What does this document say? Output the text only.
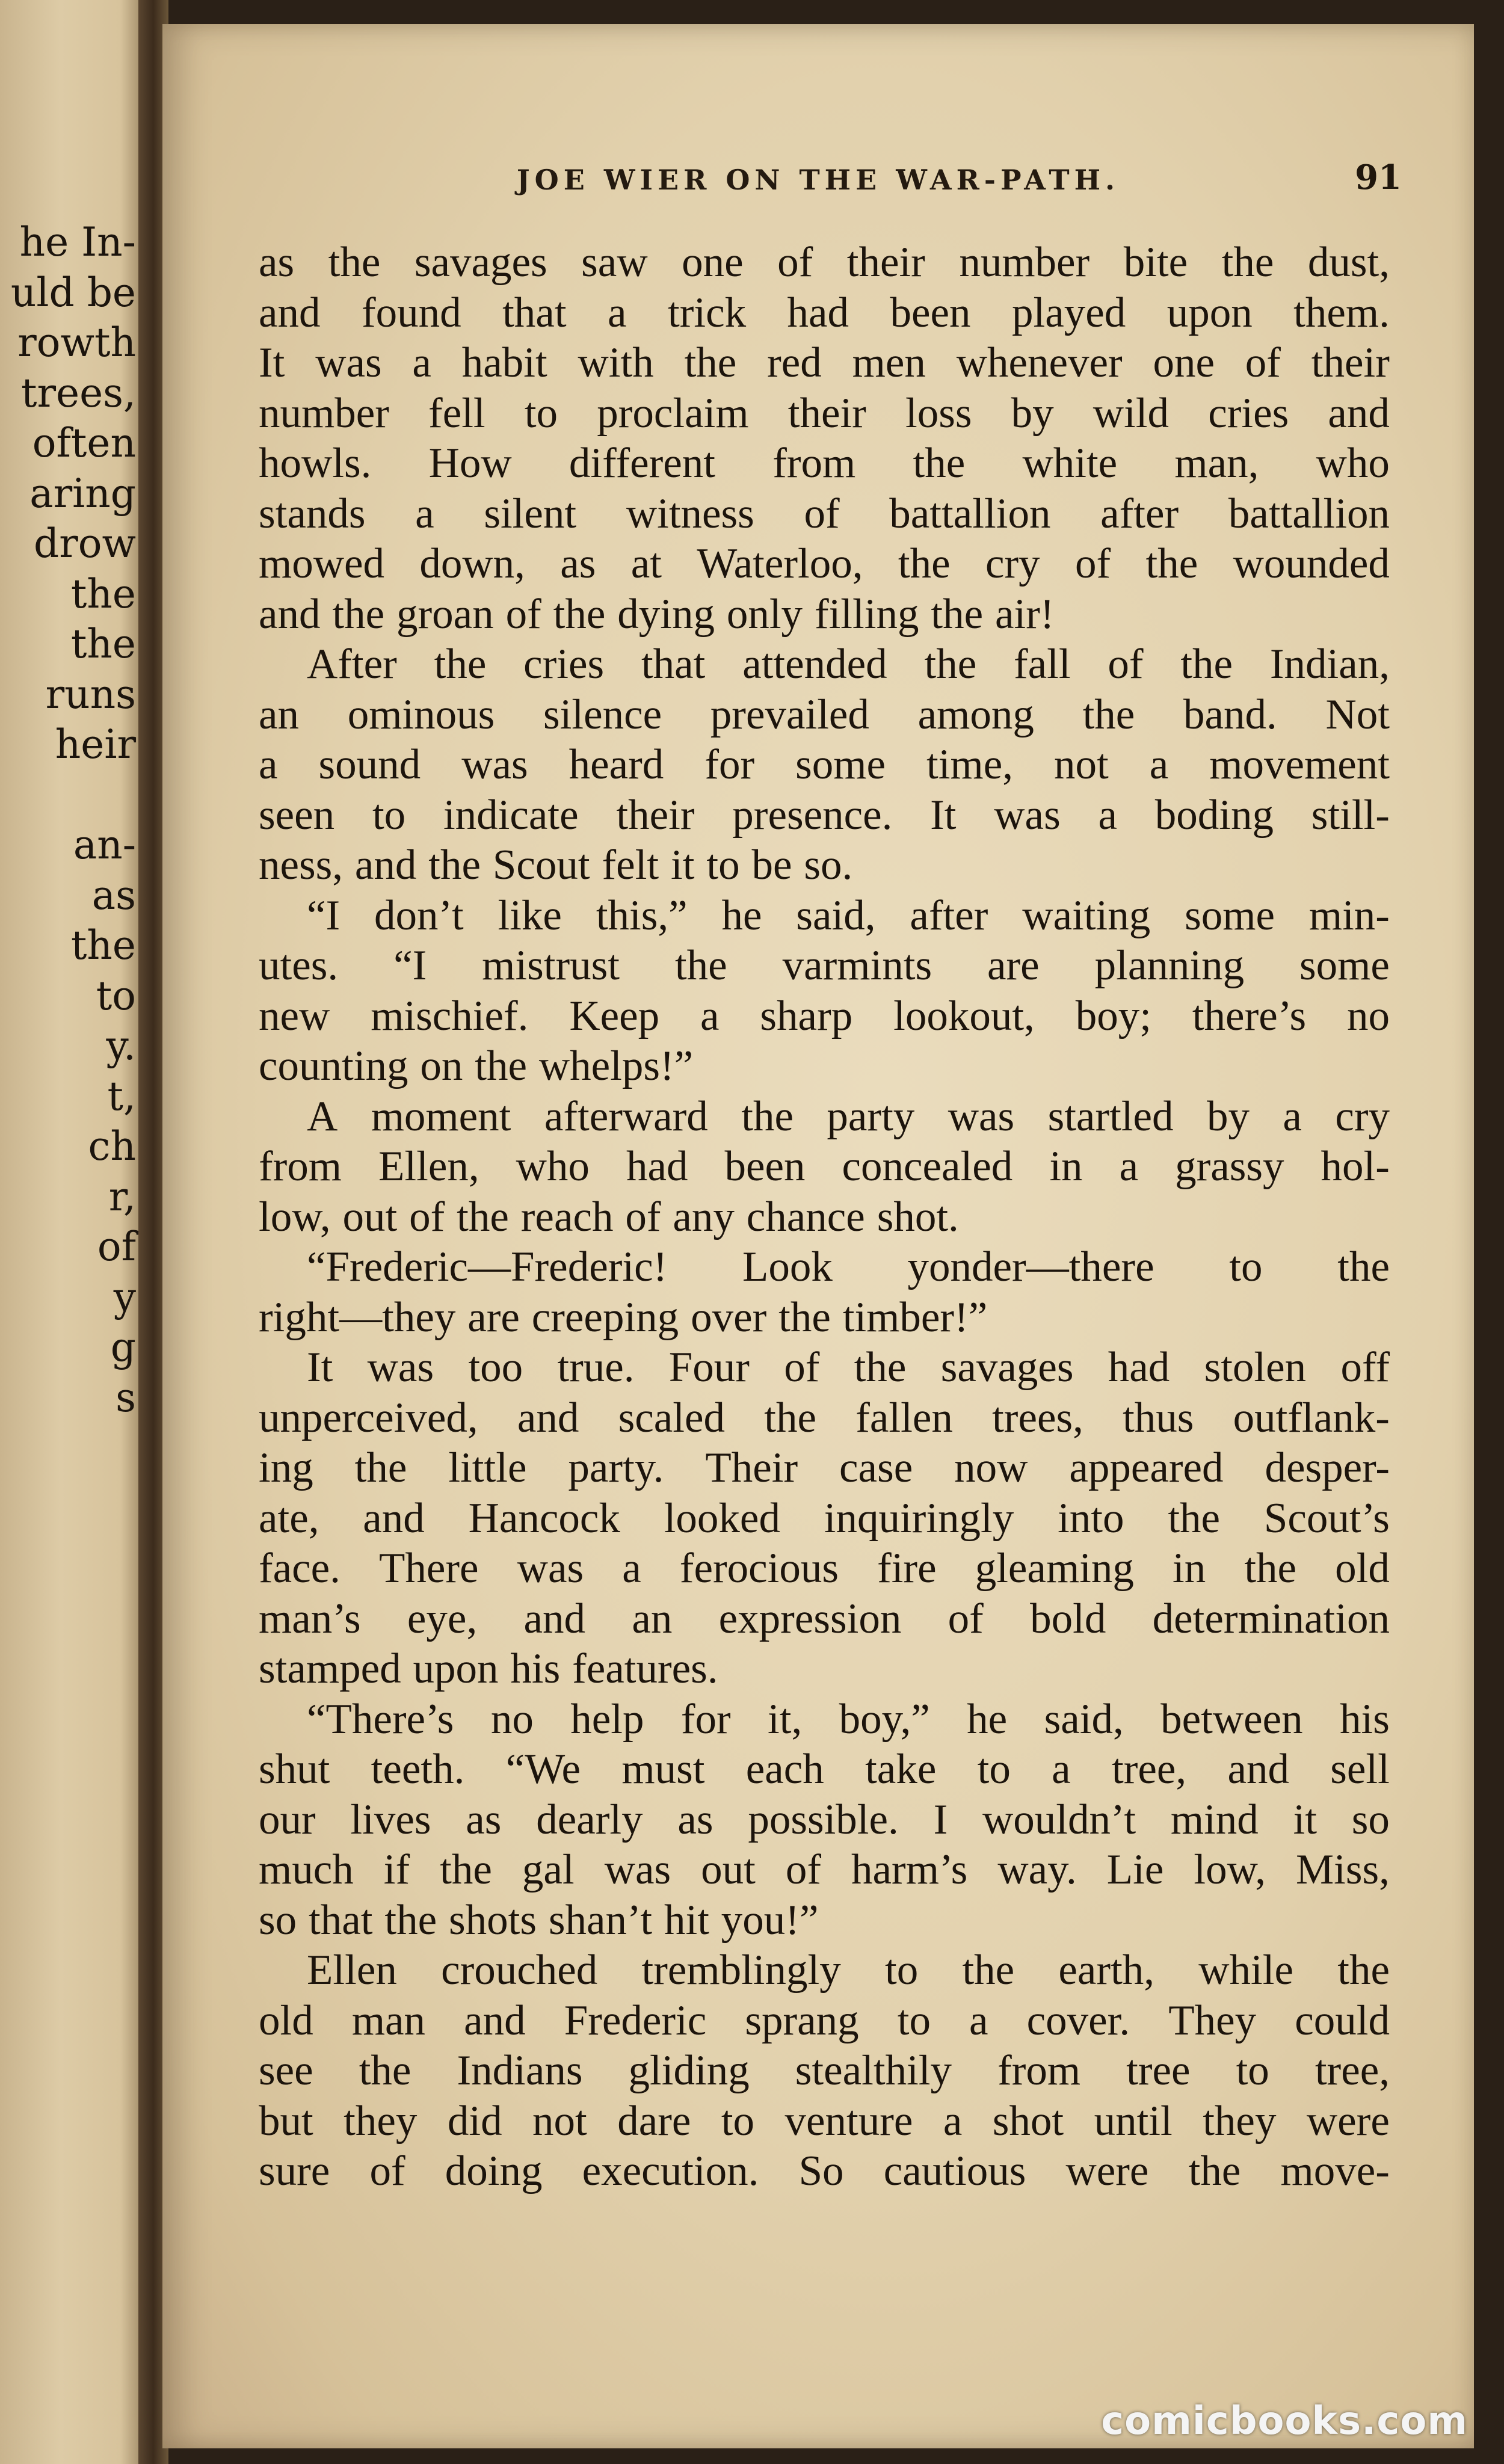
he In-
uld be
rowth
trees,
often
aring
drow
the
the
runs
heir
an-
as
the
to
y.
t,
ch
r,
of
y
g
s
JOE WIER ON THE WAR-PATH.	91
as the savages saw one of their number bite the dust,
and found that a trick had been played upon them.
It was a habit with the red men whenever one of their
number fell to proclaim their loss by wild cries and
howls. How different from the white man, who
stands a silent witness of battallion after battallion
mowed down, as at Waterloo, the cry of the wounded
and the groan of the dying only filling the air!
After the cries that attended the fall of the Indian,
an ominous silence prevailed among the band. Not
a sound was heard for some time, not a movement
seen to indicate their presence. It was a boding still-
ness, and the Scout felt it to be so.
“I don’t like this,” he said, after waiting some min-
utes. “I mistrust the varmints are planning some
new mischief. Keep a sharp lookout, boy; there’s no
counting on the whelps!”
A moment afterward the party was startled by a cry
from Ellen, who had been concealed in a grassy hol-
low, out of the reach of any chance shot.
“Frederic—Frederic! Look yonder—there to the
right—they are creeping over the timber!”
It was too true. Four of the savages had stolen off
unperceived, and scaled the fallen trees, thus outflank-
ing the little party. Their case now appeared desper-
ate, and Hancock looked inquiringly into the Scout’s
face. There was a ferocious fire gleaming in the old
man’s eye, and an expression of bold determination
stamped upon his features.
“There’s no help for it, boy,” he said, between his
shut teeth. “We must each take to a tree, and sell
our lives as dearly as possible. I wouldn’t mind it so
much if the gal was out of harm’s way. Lie low, Miss,
so that the shots shan’t hit you!”
Ellen crouched tremblingly to the earth, while the
old man and Frederic sprang to a cover. They could
see the Indians gliding stealthily from tree to tree,
but they did not dare to venture a shot until they were
sure of doing execution. So cautious were the move-
comicbooks.com
